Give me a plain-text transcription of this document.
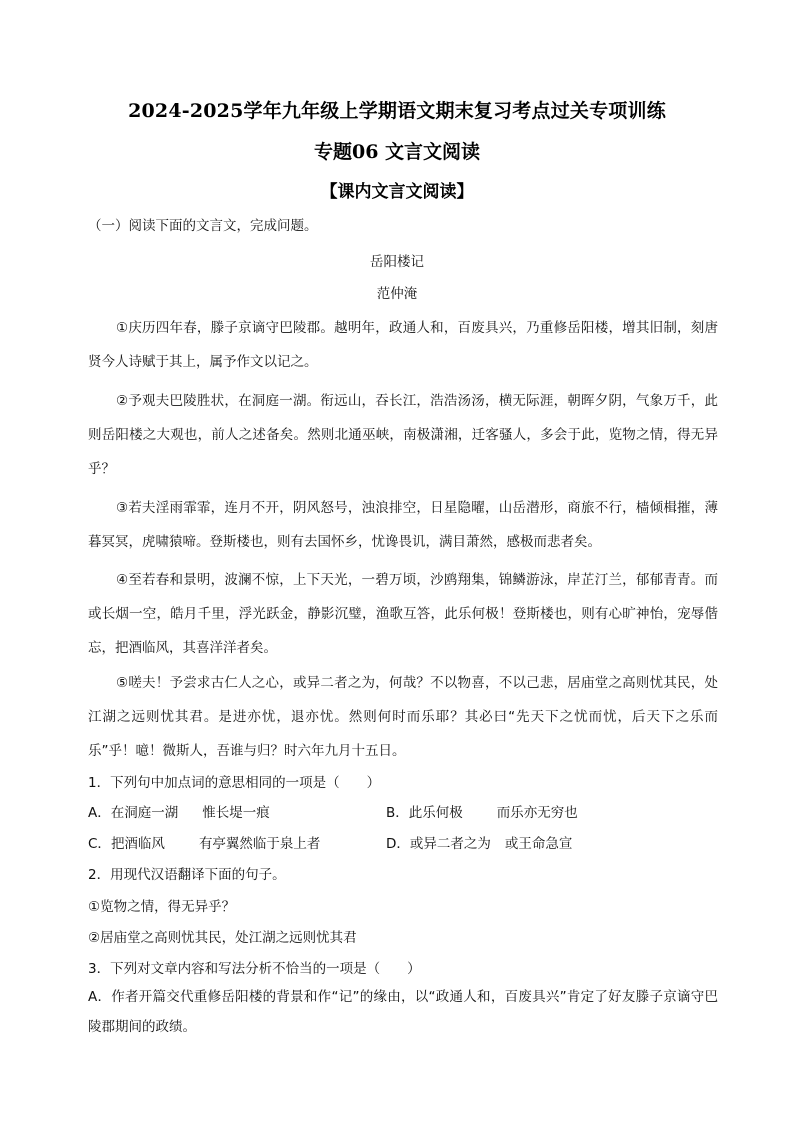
2024-2025学年九年级上学期语文期末复习考点过关专项训练
专题06 文言文阅读
【课内文言文阅读】
（一）阅读下面的文言文，完成问题。
岳阳楼记
范仲淹
①庆历四年春，滕子京谪守巴陵郡。越明年，政通人和，百废具兴，乃重修岳阳楼，增其旧制，刻唐贤今人诗赋于其上，属予作文以记之。
②予观夫巴陵胜状，在洞庭一湖。衔远山，吞长江，浩浩汤汤，横无际涯，朝晖夕阴，气象万千，此则岳阳楼之大观也，前人之述备矣。然则北通巫峡，南极潇湘，迁客骚人，多会于此，览物之情，得无异乎？
③若夫淫雨霏霏，连月不开，阴风怒号，浊浪排空，日星隐曜，山岳潜形，商旅不行，樯倾楫摧，薄暮冥冥，虎啸猿啼。登斯楼也，则有去国怀乡，忧谗畏讥，满目萧然，感极而悲者矣。
④至若春和景明，波澜不惊，上下天光，一碧万顷，沙鸥翔集，锦鳞游泳，岸芷汀兰，郁郁青青。而或长烟一空，皓月千里，浮光跃金，静影沉璧，渔歌互答，此乐何极！登斯楼也，则有心旷神怡，宠辱偕忘，把酒临风，其喜洋洋者矣。
⑤嗟夫！予尝求古仁人之心，或异二者之为，何哉？不以物喜，不以己悲，居庙堂之高则忧其民，处江湖之远则忧其君。是进亦忧，退亦忧。然则何时而乐耶？其必曰“先天下之忧而忧，后天下之乐而乐”乎！噫！微斯人，吾谁与归？时六年九月十五日。
1．下列句中加点词的意思相同的一项是（　　）
A．在洞庭一湖 惟长堤一痕	B．此乐何极	而乐亦无穷也
C．把酒临风	有亭翼然临于泉上者	D．或异二者之为 或王命急宣
2．用现代汉语翻译下面的句子。
①览物之情，得无异乎？
②居庙堂之高则忧其民，处江湖之远则忧其君
3．下列对文章内容和写法分析不恰当的一项是（　　）
A．作者开篇交代重修岳阳楼的背景和作“记”的缘由，以“政通人和，百废具兴”肯定了好友滕子京谪守巴陵郡期间的政绩。
